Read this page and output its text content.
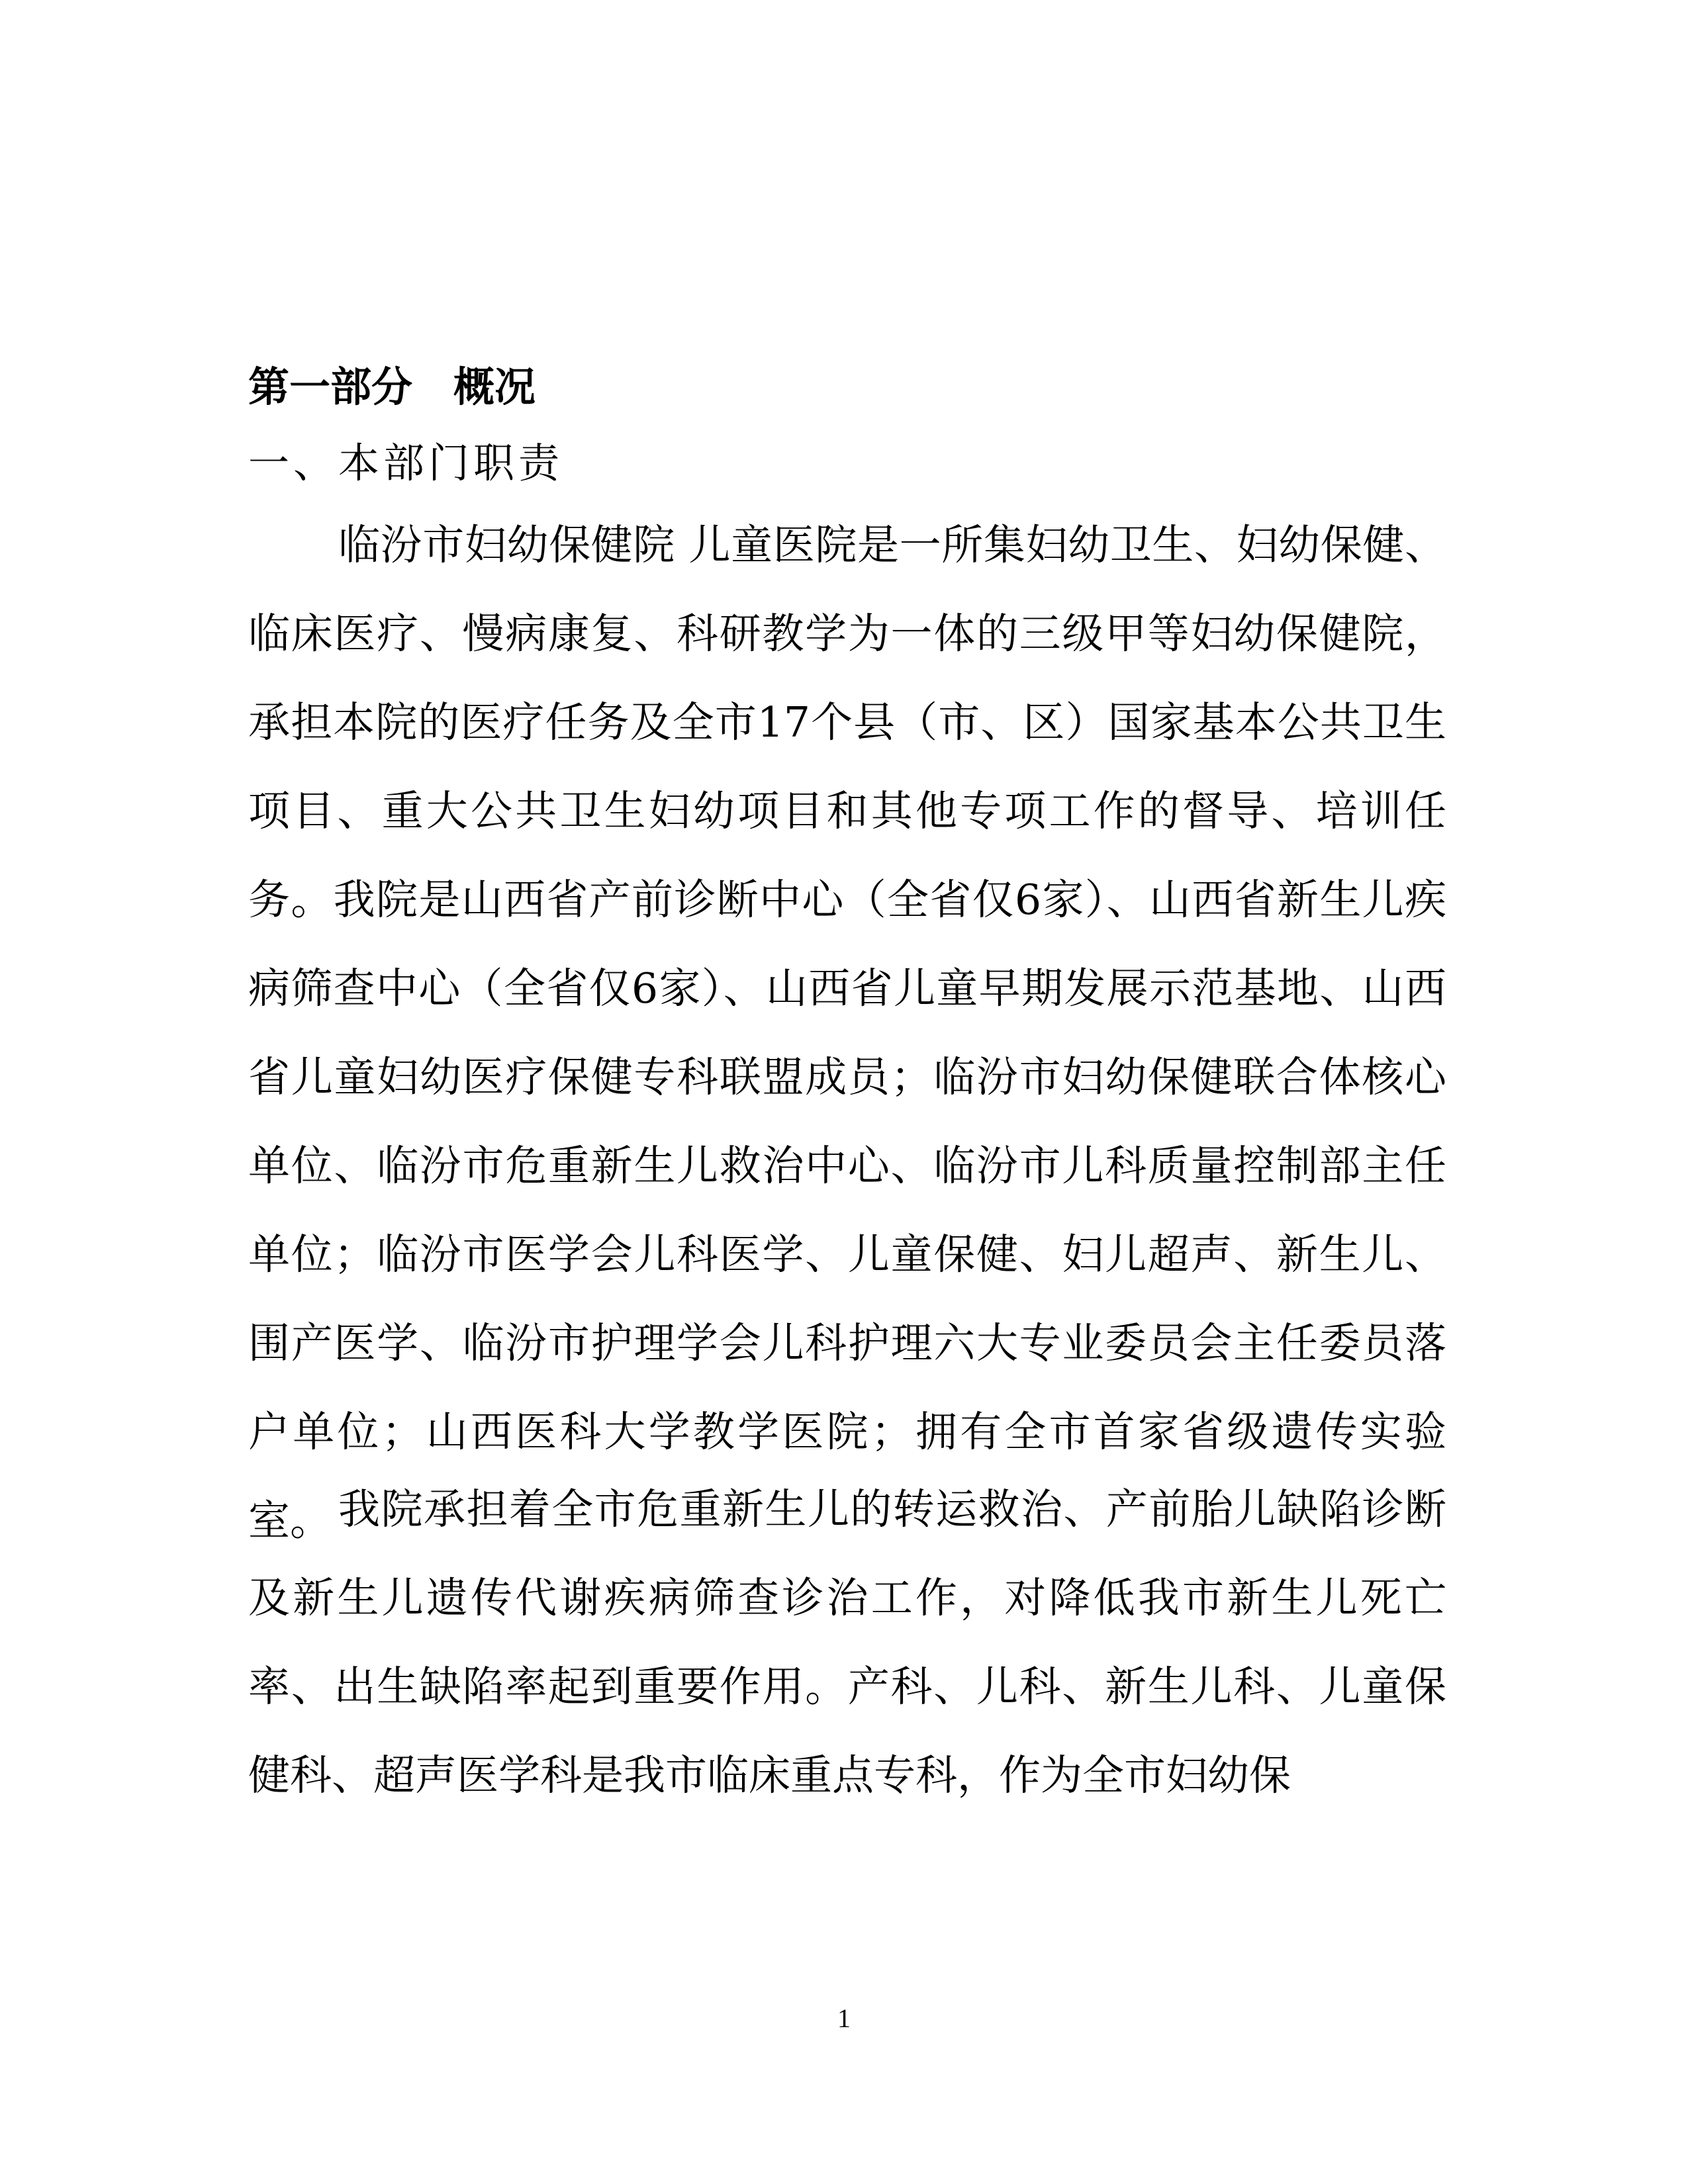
第一部分　概况
一、本部门职责

临汾市妇幼保健院 儿童医院是一所集妇幼卫生、妇幼保健、临床医疗、慢病康复、科研教学为一体的三级甲等妇幼保健院，承担本院的医疗任务及全市17个县（市、区）国家基本公共卫生项目、重大公共卫生妇幼项目和其他专项工作的督导、培训任务。我院是山西省产前诊断中心（全省仅6家）、山西省新生儿疾病筛查中心（全省仅6家）、山西省儿童早期发展示范基地、山西省儿童妇幼医疗保健专科联盟成员；临汾市妇幼保健联合体核心单位、临汾市危重新生儿救治中心、临汾市儿科质量控制部主任单位；临汾市医学会儿科医学、儿童保健、妇儿超声、新生儿、围产医学、临汾市护理学会儿科护理六大专业委员会主任委员落户单位；山西医科大学教学医院；拥有全市首家省级遗传实验室。 我院承担着全市危重新生儿的转运救治、产前胎儿缺陷诊断及新生儿遗传代谢疾病筛查诊治工作，对降低我市新生儿死亡率、出生缺陷率起到重要作用。产科、儿科、新生儿科、儿童保健科、超声医学科是我市临床重点专科，作为全市妇幼保

1
